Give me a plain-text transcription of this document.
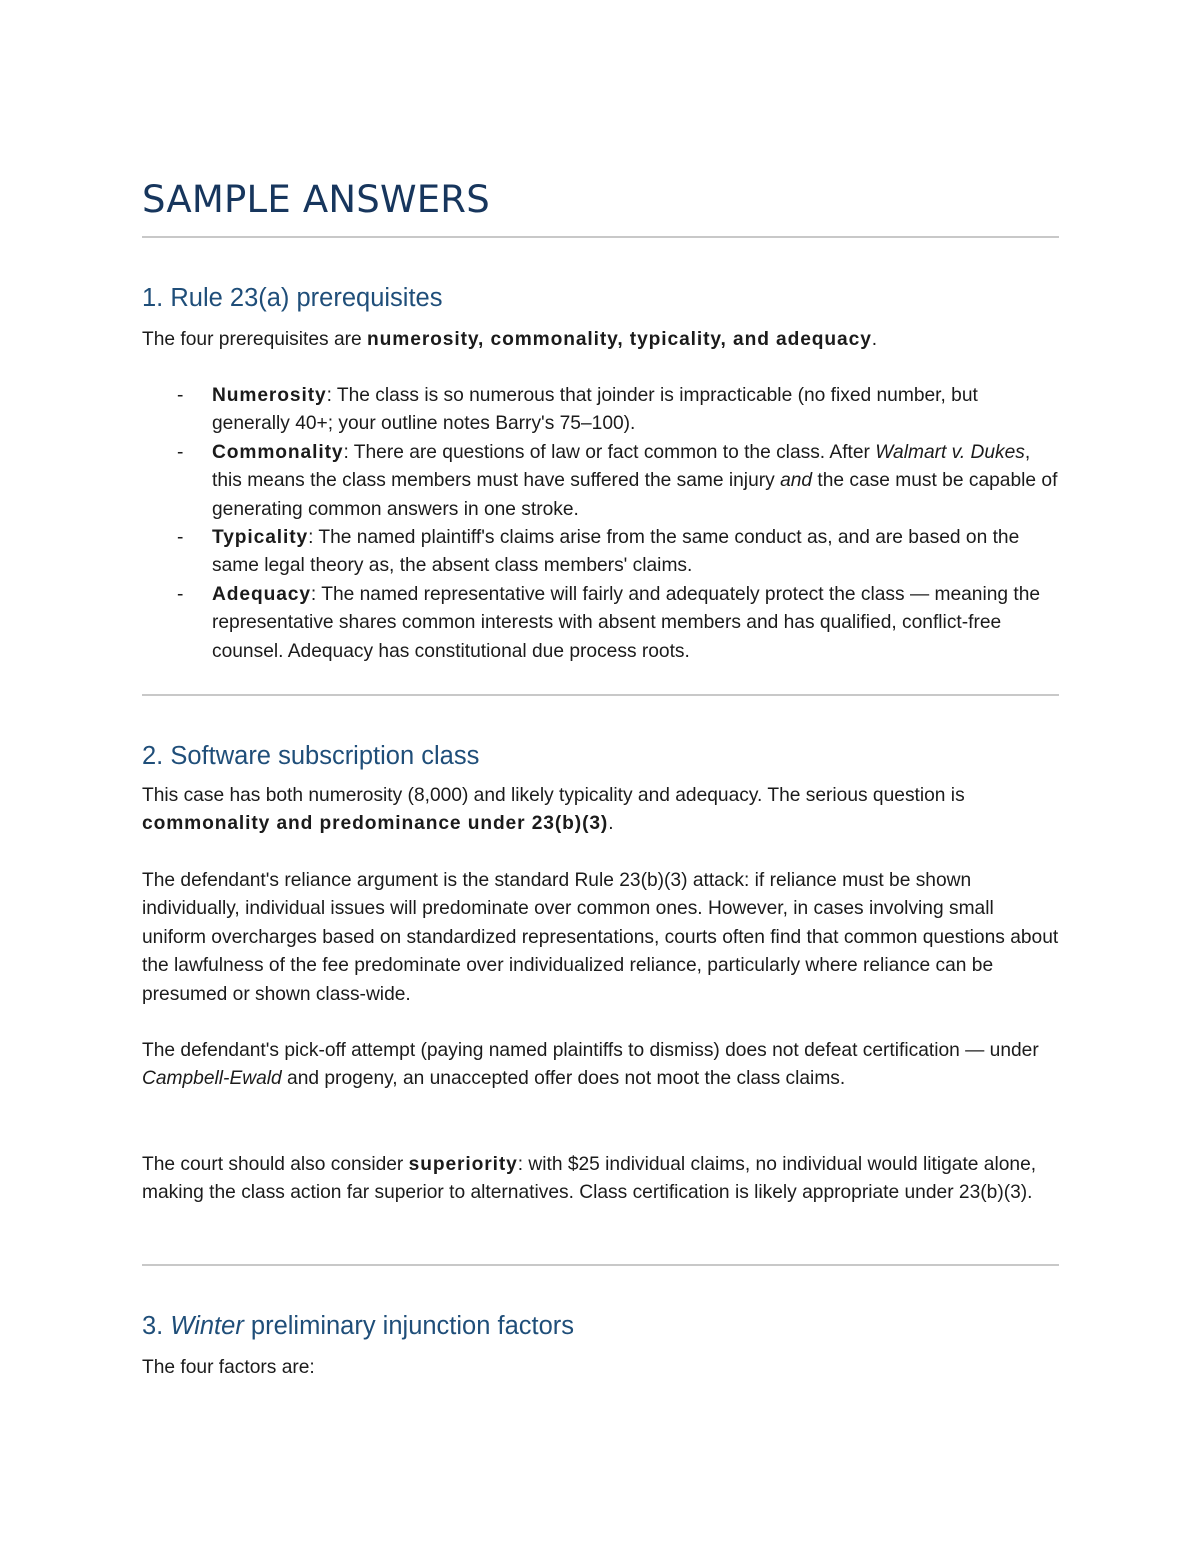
SAMPLE ANSWERS
1. Rule 23(a) prerequisites

The four prerequisites are numerosity, commonality, typicality, and adequacy.

- Numerosity: The class is so numerous that joinder is impracticable (no fixed number, but generally 40+; your outline notes Barry's 75–100).
- Commonality: There are questions of law or fact common to the class. After Walmart v. Dukes, this means the class members must have suffered the same injury and the case must be capable of generating common answers in one stroke.
- Typicality: The named plaintiff's claims arise from the same conduct as, and are based on the same legal theory as, the absent class members' claims.
- Adequacy: The named representative will fairly and adequately protect the class — meaning the representative shares common interests with absent members and has qualified, conflict-free counsel. Adequacy has constitutional due process roots.
2. Software subscription class

This case has both numerosity (8,000) and likely typicality and adequacy. The serious question is commonality and predominance under 23(b)(3).

The defendant's reliance argument is the standard Rule 23(b)(3) attack: if reliance must be shown individually, individual issues will predominate over common ones. However, in cases involving small uniform overcharges based on standardized representations, courts often find that common questions about the lawfulness of the fee predominate over individualized reliance, particularly where reliance can be presumed or shown class-wide.

The defendant's pick-off attempt (paying named plaintiffs to dismiss) does not defeat certification — under Campbell-Ewald and progeny, an unaccepted offer does not moot the class claims.

The court should also consider superiority: with $25 individual claims, no individual would litigate alone, making the class action far superior to alternatives. Class certification is likely appropriate under 23(b)(3).

3. Winter preliminary injunction factors

The four factors are:
